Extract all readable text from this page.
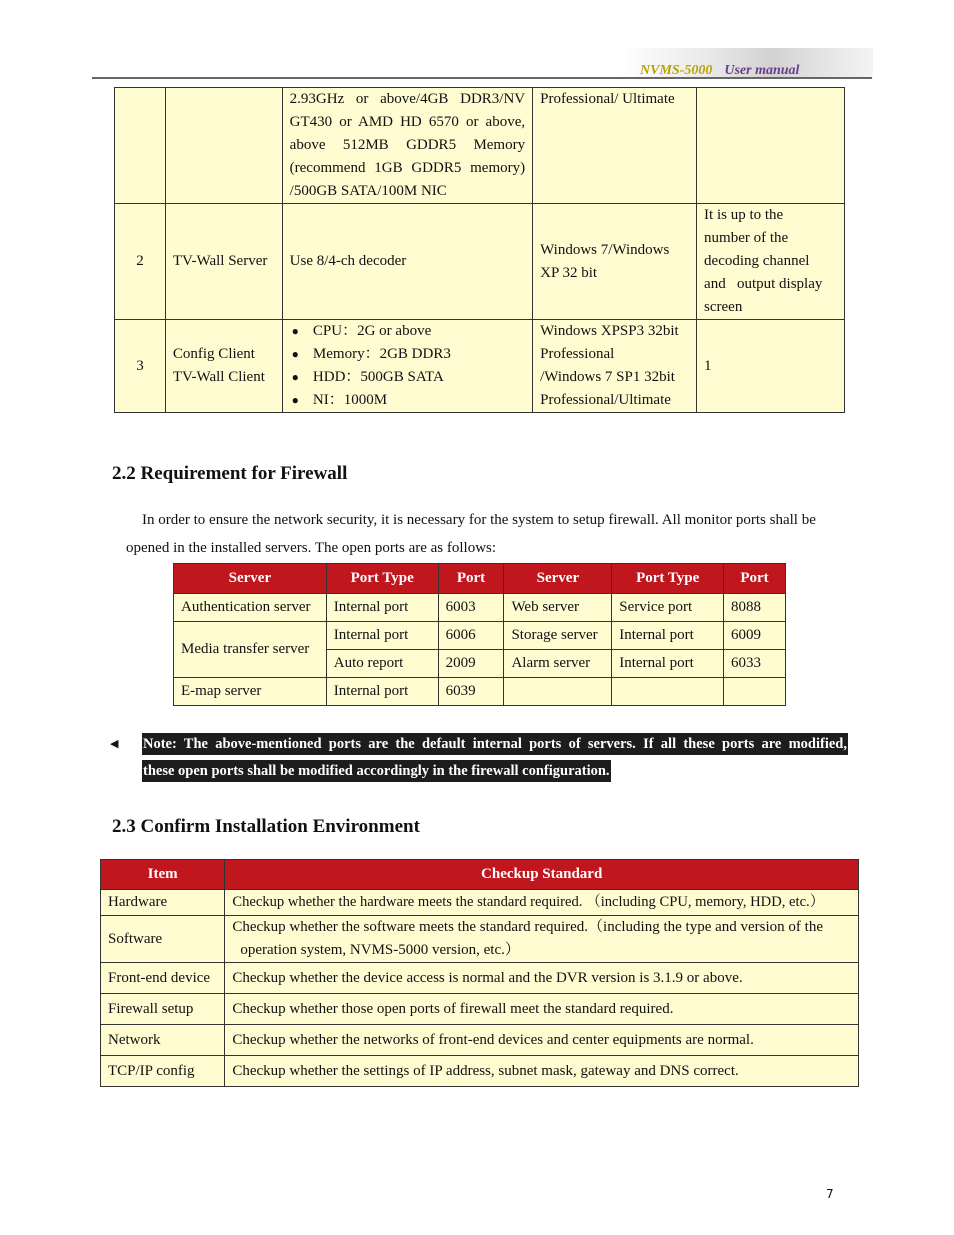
NVMS-5000 User manual

		2.93GHz or above/4GB DDR3/NV
GT430 or AMD HD 6570 or above,
above 512MB GDDR5 Memory
(recommend 1GB GDDR5 memory)
/500GB SATA/100M NIC	Professional/ Ultimate	
2	TV-Wall Server	Use 8/4-ch decoder	Windows 7/Windows
XP 32 bit	It is up to the
number of the
decoding channel
and   output display
screen

3	Config Client
TV-Wall Client	● CPU：2G or above
● Memory：2GB DDR3
● HDD：500GB SATA
● NI：1000M	Windows XPSP3 32bit
Professional
/Windows 7 SP1 32bit
Professional/Ultimate	1
2.2 Requirement for Firewall

In order to ensure the network security, it is necessary for the system to setup firewall. All monitor ports shall be

opened in the installed servers. The open ports are as follows:

Server	Port Type	Port	Server	Port Type	Port
Authentication server	Internal port	6003	Web server	Service port	8088
Media transfer server	Internal port	6006	Storage server	Internal port	6009
	Auto report	2009	Alarm server	Internal port	6033
E-map server	Internal port	6039			
◀ Note: The above-mentioned ports are the default internal ports of servers. If all these ports are modified,
these open ports shall be modified accordingly in the firewall configuration.
2.3 Confirm Installation Environment
Item	Checkup Standard
Hardware	Checkup whether the hardware meets the standard required. （including CPU, memory, HDD, etc.）
Software	Checkup whether the software meets the standard required.（including the type and version of the
operation system, NVMS-5000 version, etc.）

Front-end device	Checkup whether the device access is normal and the DVR version is 3.1.9 or above.
Firewall setup	Checkup whether those open ports of firewall meet the standard required.
Network	Checkup whether the networks of front-end devices and center equipments are normal.
TCP/IP config	Checkup whether the settings of IP address, subnet mask, gateway and DNS correct.
7
